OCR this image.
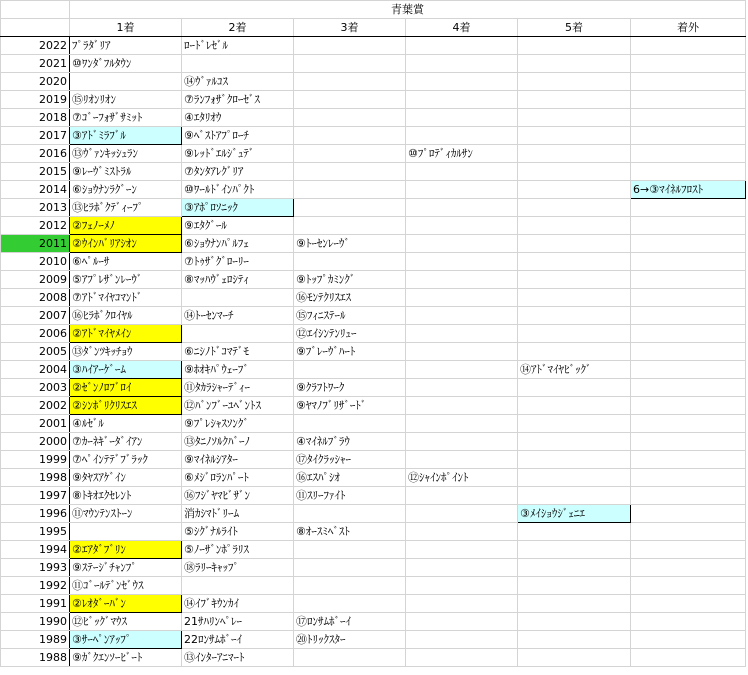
	青葉賞					
	1着	2着	3着	4着	5着	着外
2022	ﾌﾟﾗﾀﾞﾘｱ	ﾛｰﾄﾞﾚｾﾞﾙ				
2021	⑩ﾜﾝﾀﾞﾌﾙﾀｳﾝ					
2020		⑭ｳﾞｧﾙｺｽ				
2019	⑮ﾘｵﾝﾘｵﾝ	⑦ﾗﾝﾌｫｻﾞｸﾛｰｾﾞｽ				
2018	⑦ｺﾞｰﾌｫｻﾞｻﾐｯﾄ	④ｴﾀﾘｵｳ				
2017	③ｱﾄﾞﾐﾗﾌﾞﾙ	⑨ﾍﾞｽﾄｱﾌﾟﾛｰﾁ				
2016	⑬ｳﾞｧﾝｷｯｼｭﾗﾝ	⑨ﾚｯﾄﾞｴﾙｼﾞｭﾃﾞ		⑩ﾌﾟﾛﾃﾞｨｶﾙｻﾝ		
2015	⑨ﾚｰｳﾞﾐｽﾄﾗﾙ	⑦ﾀﾝﾀｱﾚｸﾞﾘｱ				
2014	⑥ｼｮｳﾅﾝﾗｸﾞｰﾝ	⑩ﾜｰﾙﾄﾞｲﾝﾊﾟｸﾄ				6→③ﾏｲﾈﾙﾌﾛｽﾄ
2013	⑬ﾋﾗﾎﾞｸﾃﾞｨｰﾌﾟ	③ｱﾎﾟﾛｿﾆｯｸ				
2012	②ﾌｪﾉｰﾒﾉ	⑨ｴﾀｸﾞｰﾙ				
2011	②ｳｲﾝﾊﾞﾘｱｼｵﾝ	⑥ｼｮｳﾅﾝﾊﾟﾙﾌｪ	⑨ﾄｰｾﾝﾚｰｳﾞ			
2010	⑥ﾍﾟﾙｰｻ	⑦ﾄｩｻﾞｸﾞﾛｰﾘｰ				
2009	⑤ｱﾌﾟﾚｻﾞﾝﾚｰｳﾞ	⑧ﾏｯﾊｳﾞｪﾛｼﾃｨ	⑨ﾄｯﾌﾟｶﾐﾝｸﾞ			
2008	⑦ｱﾄﾞﾏｲﾔｺﾏﾝﾄﾞ		⑯ﾓﾝﾃｸﾘｽｴｽ			
2007	⑯ﾋﾗﾎﾞｸﾛｲﾔﾙ	⑭ﾄｰｾﾝﾏｰﾁ	⑮ﾌｨﾆｽﾃｰﾙ			
2006	②ｱﾄﾞﾏｲﾔﾒｲﾝ		⑫ｴｲｼﾝﾃﾝﾘｭｰ			
2005	⑬ﾀﾞﾝﾂｷｯﾁｮｳ	⑥ﾆｼﾉﾄﾞｺﾏﾃﾞﾓ	⑨ﾌﾞﾚｰｳﾞﾊｰﾄ			
2004	③ﾊｲｱｰｹﾞｰﾑ	⑨ﾎｵｷﾊﾟｳｪｰﾌﾞ			⑭ｱﾄﾞﾏｲﾔﾋﾞｯｸﾞ	
2003	②ｾﾞﾝﾉﾛﾌﾞﾛｲ	⑪ﾀｶﾗｼｬｰﾃﾞｨｰ	⑨ｸﾗﾌﾄﾜｰｸ			
2002	②ｼﾝﾎﾞﾘｸﾘｽｴｽ	⑫ﾊﾞﾝﾌﾞｰﾕﾍﾞﾝﾄｽ	⑨ﾔﾏﾉﾌﾞﾘｻﾞｰﾄﾞ			
2001	④ﾙｾﾞﾙ	⑨ﾌﾟﾚｼｬｽｿﾝｸﾞ				
2000	⑦ｶｰﾈｷﾞｰﾀﾞｲｱﾝ	⑬ﾀﾆﾉｿﾙｸﾊﾞｰﾉ	④ﾏｲﾈﾙﾌﾞﾗｳ			
1999	⑦ﾍﾟｲﾝﾃﾃﾞﾌﾞﾗｯｸ	⑨ﾏｲﾈﾙｼｱﾀｰ	⑰ﾀｲｸﾗｯｼｬｰ			
1998	⑨ﾀﾔｽｱｹﾞｲﾝ	⑥ﾒｼﾞﾛﾗﾝﾊﾟｰﾄ	⑯ｴｽﾊﾟｼｵ	⑫ｼｬｲﾝﾎﾟｲﾝﾄ		
1997	⑧ﾄｷｵｴｸｾﾚﾝﾄ	⑯ﾌｼﾞﾔﾏﾋﾞｻﾞﾝ	⑪ｽﾘｰﾌｧｲﾄ			
1996	⑪ﾏｳﾝﾃﾝｽﾄｰﾝ	消ｶｼﾏﾄﾞﾘｰﾑ			③ﾒｲｼｮｳｼﾞｪﾆｴ	
1995		⑤ｼｸﾞﾅﾙﾗｲﾄ	⑧ｵｰｽﾐﾍﾞｽﾄ			
1994	②ｴｱﾀﾞﾌﾞﾘﾝ	⑤ﾉｰｻﾞﾝﾎﾟﾗﾘｽ				
1993	⑨ｽﾃｰｼﾞﾁｬﾝﾌﾟ	⑱ﾗﾘｰｷｬｯﾌﾟ				
1992	⑪ｺﾞｰﾙﾃﾞﾝｾﾞｳｽ					
1991	②ﾚｵﾀﾞｰﾊﾞﾝ	⑭ｲﾌﾞｷｳﾝｶｲ				
1990	⑫ﾋﾞｯｸﾞﾏｳｽ	21ｻﾊﾘﾝﾍﾟﾚｰ	⑰ﾛﾝｻﾑﾎﾞｰｲ			
1989	③ｻｰﾍﾟﾝｱｯﾌﾟ	22ﾛﾝｻﾑﾎﾞｰｲ	⑳ﾄﾘｯｸｽﾀｰ			
1988	⑨ｶﾞｸｴﾝｿｰﾋﾞｰﾄ	⑬ｲﾝﾀｰｱﾆﾏｰﾄ				
